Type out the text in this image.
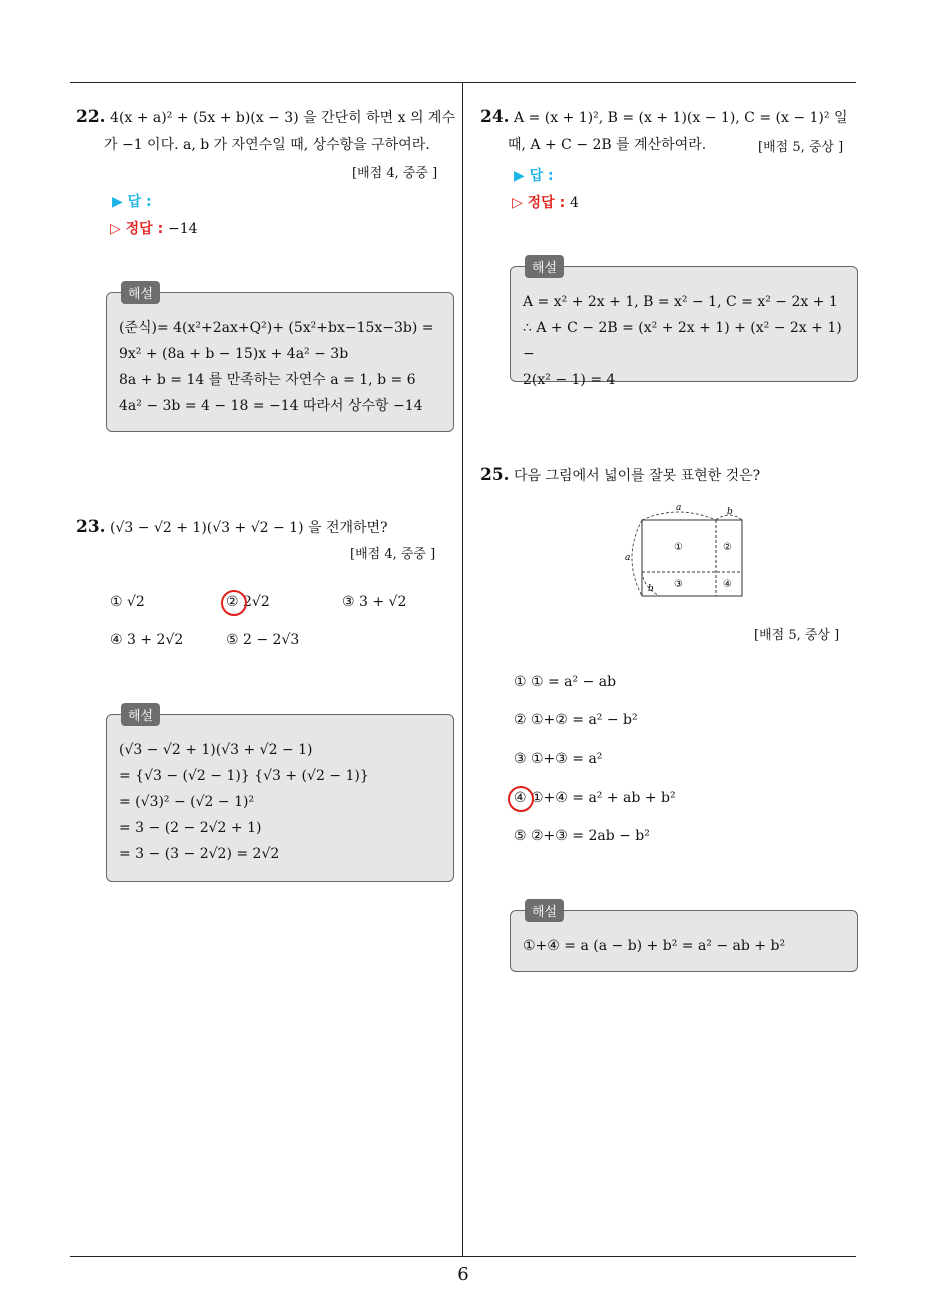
6
22. 4(x + a)² + (5x + b)(x − 3) 을 간단히 하면 x 의 계수
가 −1 이다. a, b 가 자연수일 때, 상수항을 구하여라.
[배점 4, 중중 ]
▶ 답 :
▷ 정답 : −14
해설
(준식)= 4(x²+2ax+Q²)+ (5x²+bx−15x−3b) =
9x² + (8a + b − 15)x + 4a² − 3b
8a + b = 14 를 만족하는 자연수 a = 1, b = 6
4a² − 3b = 4 − 18 = −14 따라서 상수항 −14
23. (√3 − √2 + 1)(√3 + √2 − 1) 을 전개하면?
[배점 4, 중중 ]
① √2	② 2√2	③ 3 + √2
④ 3 + 2√2	⑤ 2 − 2√3
해설
(√3 − √2 + 1)(√3 + √2 − 1)
= {√3 − (√2 − 1)} {√3 + (√2 − 1)}
= (√3)² − (√2 − 1)²
= 3 − (2 − 2√2 + 1)
= 3 − (3 − 2√2) = 2√2
24. A = (x + 1)², B = (x + 1)(x − 1), C = (x − 1)² 일
때, A + C − 2B 를 계산하여라.	[배점 5, 중상 ]
▶ 답 :
▷ 정답 : 4
해설
A = x² + 2x + 1, B = x² − 1, C = x² − 2x + 1
∴ A + C − 2B = (x² + 2x + 1) + (x² − 2x + 1) −
2(x² − 1) = 4
25. 다음 그림에서 넓이를 잘못 표현한 것은?
a	b
a
b
①	②
③	④
[배점 5, 중상 ]
① ① = a² − ab
② ①+② = a² − b²
③ ①+③ = a²
④ ①+④ = a² + ab + b²
⑤ ②+③ = 2ab − b²
해설
①+④ = a (a − b) + b² = a² − ab + b²
